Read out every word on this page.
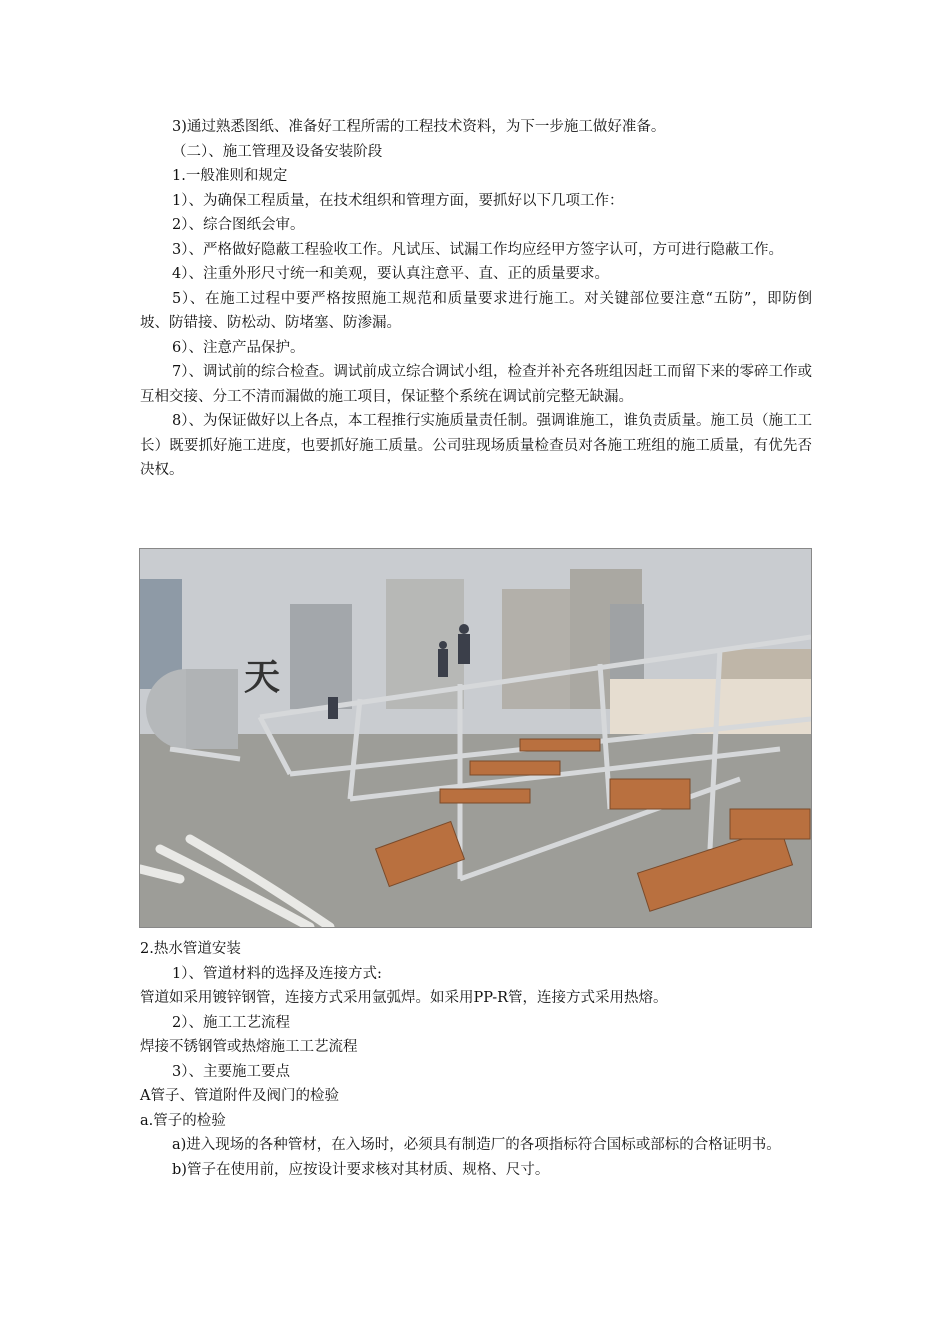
3)通过熟悉图纸、准备好工程所需的工程技术资料，为下一步施工做好准备。

（二）、施工管理及设备安装阶段

1.一般准则和规定

1）、为确保工程质量，在技术组织和管理方面，要抓好以下几项工作：

2）、综合图纸会审。

3）、严格做好隐蔽工程验收工作。凡试压、试漏工作均应经甲方签字认可，方可进行隐蔽工作。

4）、注重外形尺寸统一和美观，要认真注意平、直、正的质量要求。

5）、在施工过程中要严格按照施工规范和质量要求进行施工。对关键部位要注意“五防”，即防倒坡、防错接、防松动、防堵塞、防渗漏。

6）、注意产品保护。

7）、调试前的综合检查。调试前成立综合调试小组，检查并补充各班组因赶工而留下来的零碎工作或互相交接、分工不清而漏做的施工项目，保证整个系统在调试前完整无缺漏。

8）、为保证做好以上各点，本工程推行实施质量责任制。强调谁施工，谁负责质量。施工员（施工工长）既要抓好施工进度，也要抓好施工质量。公司驻现场质量检查员对各施工班组的施工质量，有优先否决权。

天

2.热水管道安装

1）、管道材料的选择及连接方式:

管道如采用镀锌钢管，连接方式采用氩弧焊。如采用PP-R管，连接方式采用热熔。

2）、施工工艺流程

焊接不锈钢管或热熔施工工艺流程

3）、主要施工要点

A管子、管道附件及阀门的检验

a.管子的检验

a)进入现场的各种管材，在入场时，必须具有制造厂的各项指标符合国标或部标的合格证明书。

b)管子在使用前，应按设计要求核对其材质、规格、尺寸。
